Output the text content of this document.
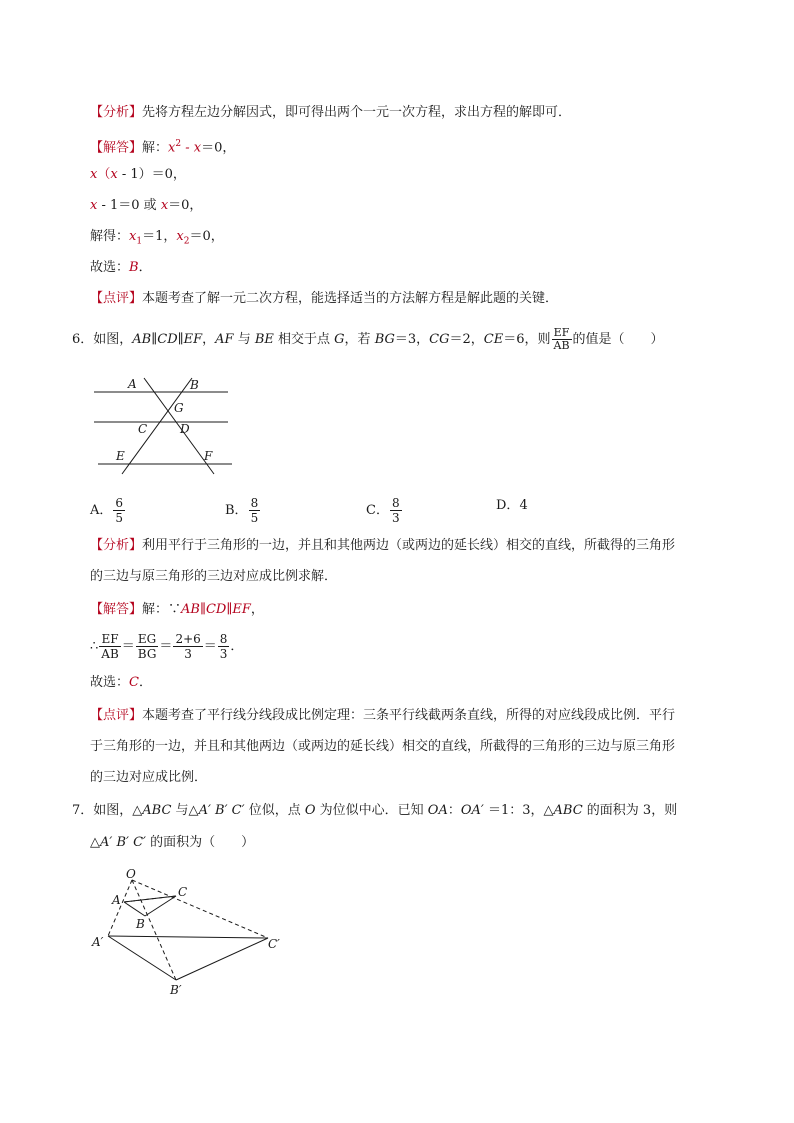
【分析】先将方程左边分解因式，即可得出两个一元一次方程，求出方程的解即可．
【解答】解：$x^2 - x=0$，
x（x - 1）＝0，
x - 1＝0 或 x＝0，
解得：$x_1=1$，$x_2=0$，
故选：B．
【点评】本题考查了解一元二次方程，能选择适当的方法解方程是解此题的关键．
6．如图，AB∥CD∥EF，AF 与 BE 相交于点 G，若 BG＝3，CG＝2，CE＝6，则 $\frac{EF}{AB}$ 的值是（　　）
A	B
G
C	D
E	F
A． $\frac{6}{5}$	B． $\frac{8}{5}$	C． $\frac{8}{3}$	D．4
【分析】利用平行于三角形的一边，并且和其他两边（或两边的延长线）相交的直线，所截得的三角形
的三边与原三角形的三边对应成比例求解．
【解答】解：∵AB∥CD∥EF，
∴ $\frac{EF}{AB} = \frac{EG}{BG} = \frac{2+6}{3} = \frac{8}{3}$ ．
故选：C．
【点评】本题考查了平行线分线段成比例定理：三条平行线截两条直线，所得的对应线段成比例．平行
于三角形的一边，并且和其他两边（或两边的延长线）相交的直线，所截得的三角形的三边与原三角形
的三边对应成比例．
7．如图，△ABC 与△A′ B′ C′ 位似，点 O 为位似中心．已知 OA：OA′ ＝1：3，△ABC 的面积为 3，则
△A′ B′ C′ 的面积为（　　）
O
C
A
B
A′	C′
B′
